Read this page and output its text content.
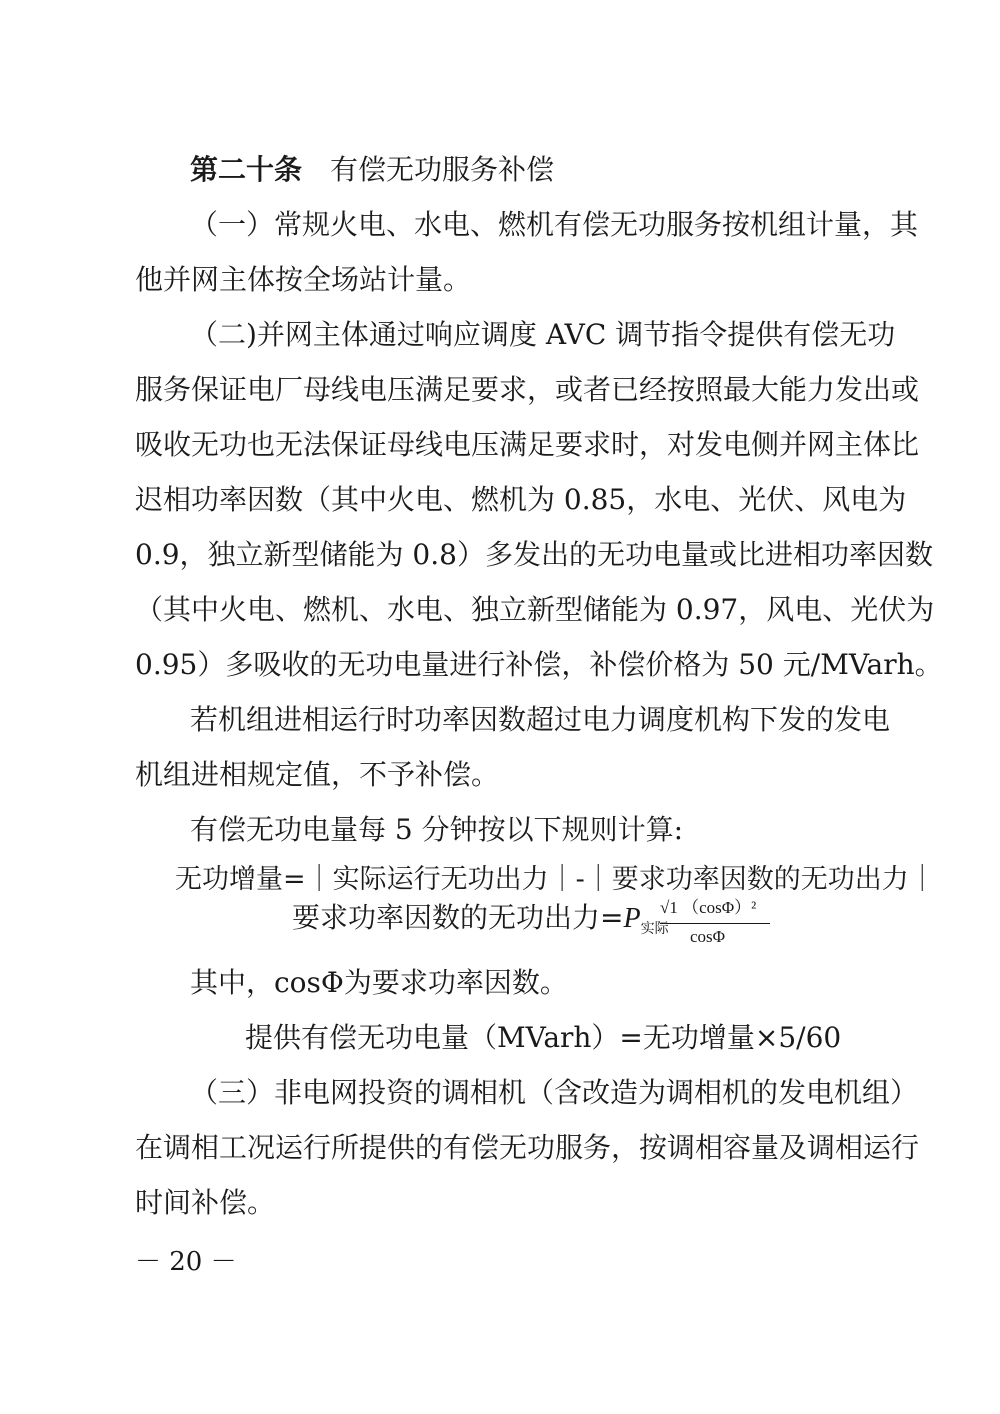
第二十条 有偿无功服务补偿
（一）常规火电、水电、燃机有偿无功服务按机组计量，其
他并网主体按全场站计量。
（二)并网主体通过响应调度 AVC 调节指令提供有偿无功
服务保证电厂母线电压满足要求，或者已经按照最大能力发出或
吸收无功也无法保证母线电压满足要求时，对发电侧并网主体比
迟相功率因数（其中火电、燃机为 0.85，水电、光伏、风电为
0.9，独立新型储能为 0.8）多发出的无功电量或比进相功率因数
（其中火电、燃机、水电、独立新型储能为 0.97，风电、光伏为
0.95）多吸收的无功电量进行补偿，补偿价格为 50 元/MVarh。
若机组进相运行时功率因数超过电力调度机构下发的发电
机组进相规定值，不予补偿。
有偿无功电量每 5 分钟按以下规则计算:
无功增量=｜实际运行无功出力｜-｜要求功率因数的无功出力｜
要求功率因数的无功出力$=P_{实际}$
√1 （cosΦ）²
cosΦ
其中，cosΦ为要求功率因数。
提供有偿无功电量（MVarh）=无功增量×5/60
（三）非电网投资的调相机（含改造为调相机的发电机组）
在调相工况运行所提供的有偿无功服务，按调相容量及调相运行
时间补偿。
－ 20 －
